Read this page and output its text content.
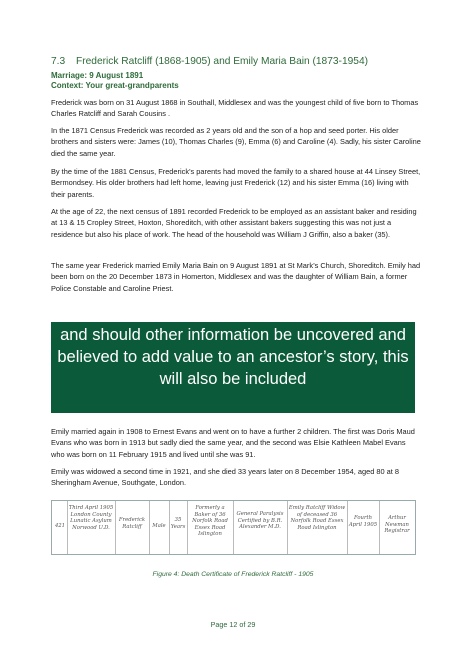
7.3 Frederick Ratcliff (1868-1905) and Emily Maria Bain (1873-1954)
Marriage: 9 August 1891
Context: Your great-grandparents
Frederick was born on 31 August 1868 in Southall, Middlesex and was the youngest child of five born to Thomas Charles Ratcliff and Sarah Cousins .
In the 1871 Census Frederick was recorded as 2 years old and the son of a hop and seed porter. His older brothers and sisters were: James (10), Thomas Charles (9), Emma (6) and Caroline (4). Sadly, his sister Caroline died the same year.
By the time of the 1881 Census, Frederick’s parents had moved the family to a shared house at 44 Linsey Street, Bermondsey. His older brothers had left home, leaving just Frederick (12) and his sister Emma (16) living with their parents.
At the age of 22, the next census of 1891 recorded Frederick to be employed as an assistant baker and residing at 13 & 15 Cropley Street, Hoxton, Shoreditch, with other assistant bakers suggesting this was not just a residence but also his place of work. The head of the household was William J Griffin, also a baker (35).
The same year Frederick married Emily Maria Bain on 9 August 1891 at St Mark’s Church, Shoreditch. Emily had been born on the 20 December 1873 in Homerton, Middlesex and was the daughter of William Bain, a former Police Constable and Caroline Priest.
and should other information be uncovered and believed to add value to an ancestor’s story, this will also be included
Emily married again in 1908 to Ernest Evans and went on to have a further 2 children. The first was Doris Maud Evans who was born in 1913 but sadly died the same year, and the second was Elsie Kathleen Mabel Evans who was born on 11 February 1915 and lived until she was 91.
Emily was widowed a second time in 1921, and she died 33 years later on 8 December 1954, aged 80 at 8 Sheringham Avenue, Southgate, London.
421
Third April 1905 London County Lunatic Asylum Norwood U.D.
Frederick Ratcliff	Male
35 Years
Formerly a Baker of 36 Norfolk Road Essex Road Islington
General Paralysis Certified by B.R. Alexander M.D.
Emily Ratcliff Widow of deceased 36 Norfolk Road Essex Road Islington
Fourth April 1905
Arthur Newman Registrar
Figure 4: Death Certificate of Frederick Ratcliff - 1905
Page 12 of 29
